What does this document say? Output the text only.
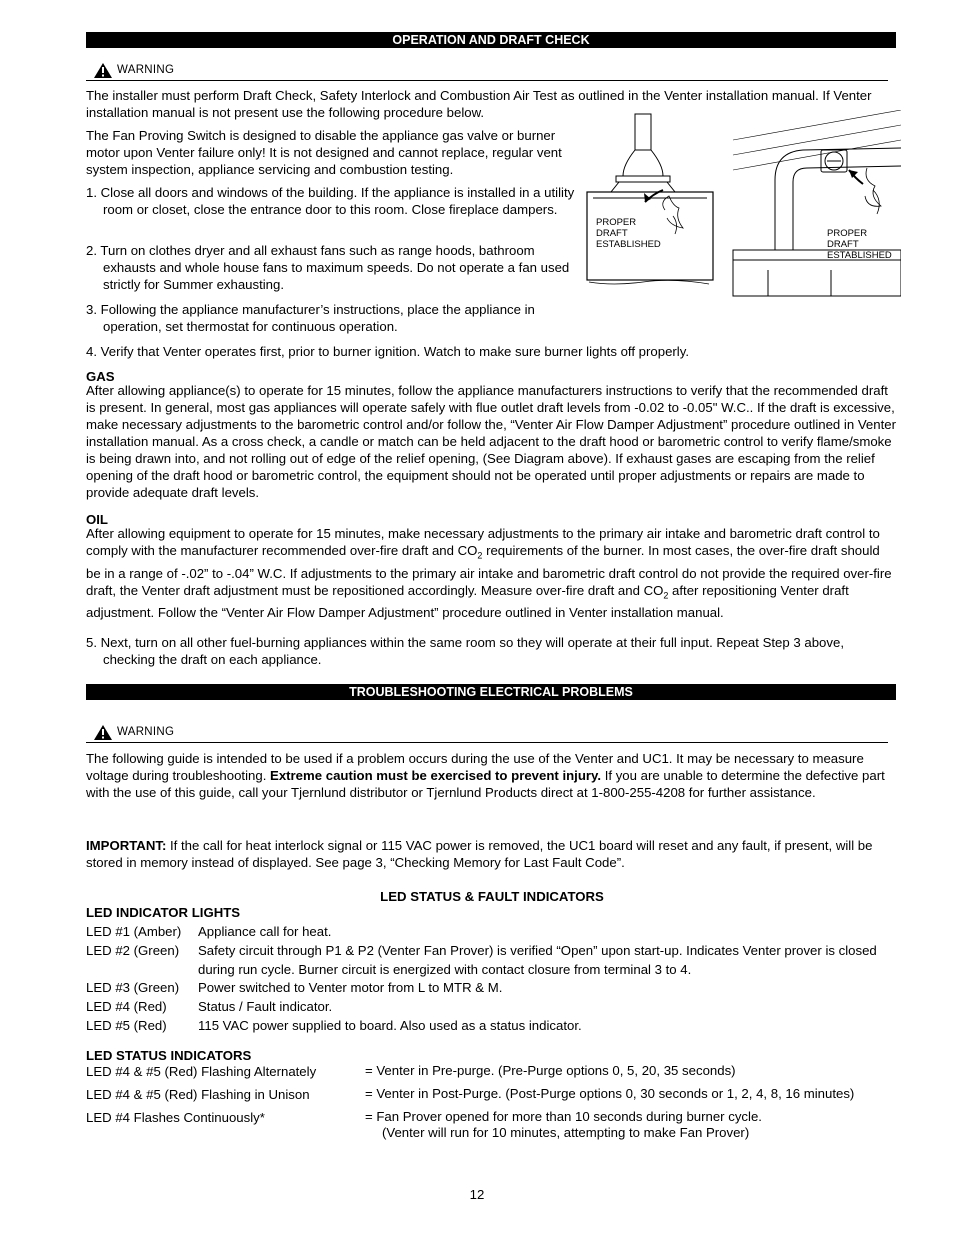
OPERATION AND DRAFT CHECK
WARNING

The installer must perform Draft Check, Safety Interlock and Combustion Air Test as outlined in the Venter installation manual. If Venter installation manual is not present use the following procedure below.

The Fan Proving Switch is designed to disable the appliance gas valve or burner motor upon Venter failure only! It is not designed and cannot replace, regular vent system inspection, appliance servicing and combustion testing.

1. Close all doors and windows of the building. If the appliance is installed in a utility room or closet, close the entrance door to this room. Close fireplace dampers.

2. Turn on clothes dryer and all exhaust fans such as range hoods, bathroom exhausts and whole house fans to maximum speeds. Do not operate a fan used strictly for Summer exhausting.

3. Following the appliance manufacturer’s instructions, place the appliance in operation, set thermostat for continuous operation.

4. Verify that Venter operates first, prior to burner ignition. Watch to make sure burner lights off properly.

PROPER
DRAFT
ESTABLISHED
PROPER
DRAFT
ESTABLISHED
GAS

After allowing appliance(s) to operate for 15 minutes, follow the appliance manufacturers instructions to verify that the recommended draft is present. In general, most gas appliances will operate safely with flue outlet draft levels from -0.02 to -0.05" W.C.. If the draft is excessive, make necessary adjustments to the barometric control and/or follow the, “Venter Air Flow Damper Adjustment” procedure outlined in Venter installation manual. As a cross check, a candle or match can be held adjacent to the draft hood or barometric control to verify flame/smoke is being drawn into, and not rolling out of edge of the relief opening, (See Diagram above). If exhaust gases are escaping from the relief opening of the draft hood or barometric control, the equipment should not be operated until proper adjustments or repairs are made to provide adequate draft levels.

OIL

After allowing equipment to operate for 15 minutes, make necessary adjustments to the primary air intake and barometric draft control to comply with the manufacturer recommended over-fire draft and $CO_2$ requirements of the burner. In most cases, the over-fire draft should be in a range of -.02” to -.04” W.C. If adjustments to the primary air intake and barometric draft control do not provide the required over-fire draft, the Venter draft adjustment must be repositioned accordingly. Measure over-fire draft and $CO_2$ after repositioning Venter draft adjustment. Follow the “Venter Air Flow Damper Adjustment” procedure outlined in Venter installation manual.

5. Next, turn on all other fuel-burning appliances within the same room so they will operate at their full input. Repeat Step 3 above, checking the draft on each appliance.

TROUBLESHOOTING ELECTRICAL PROBLEMS
WARNING

The following guide is intended to be used if a problem occurs during the use of the Venter and UC1. It may be necessary to measure voltage during troubleshooting. Extreme caution must be exercised to prevent injury. If you are unable to determine the defective part with the use of this guide, call your Tjernlund distributor or Tjernlund Products direct at 1-800-255-4208 for further assistance.

IMPORTANT: If the call for heat interlock signal or 115 VAC power is removed, the UC1 board will reset and any fault, if present, will be stored in memory instead of displayed. See page 3, “Checking Memory for Last Fault Code”.

LED STATUS & FAULT INDICATORS
LED INDICATOR LIGHTS
LED #1 (Amber) Appliance call for heat.
LED #2 (Green) Safety circuit through P1 & P2 (Venter Fan Prover) is verified “Open” upon start-up. Indicates Venter prover is closed during run cycle. Burner circuit is energized with contact closure from terminal 3 to 4.
LED #3 (Green) Power switched to Venter motor from L to MTR & M.
LED #4 (Red) Status / Fault indicator.
LED #5 (Red) 115 VAC power supplied to board. Also used as a status indicator.
LED STATUS INDICATORS
LED #4 & #5 (Red) Flashing Alternately	= Venter in Pre-purge. (Pre-Purge options 0, 5, 20, 35 seconds)
LED #4 & #5 (Red) Flashing in Unison	= Venter in Post-Purge. (Post-Purge options 0, 30 seconds or 1, 2, 4, 8, 16 minutes)
LED #4 Flashes Continuously*	= Fan Prover opened for more than 10 seconds during burner cycle.
(Venter will run for 10 minutes, attempting to make Fan Prover)
12
